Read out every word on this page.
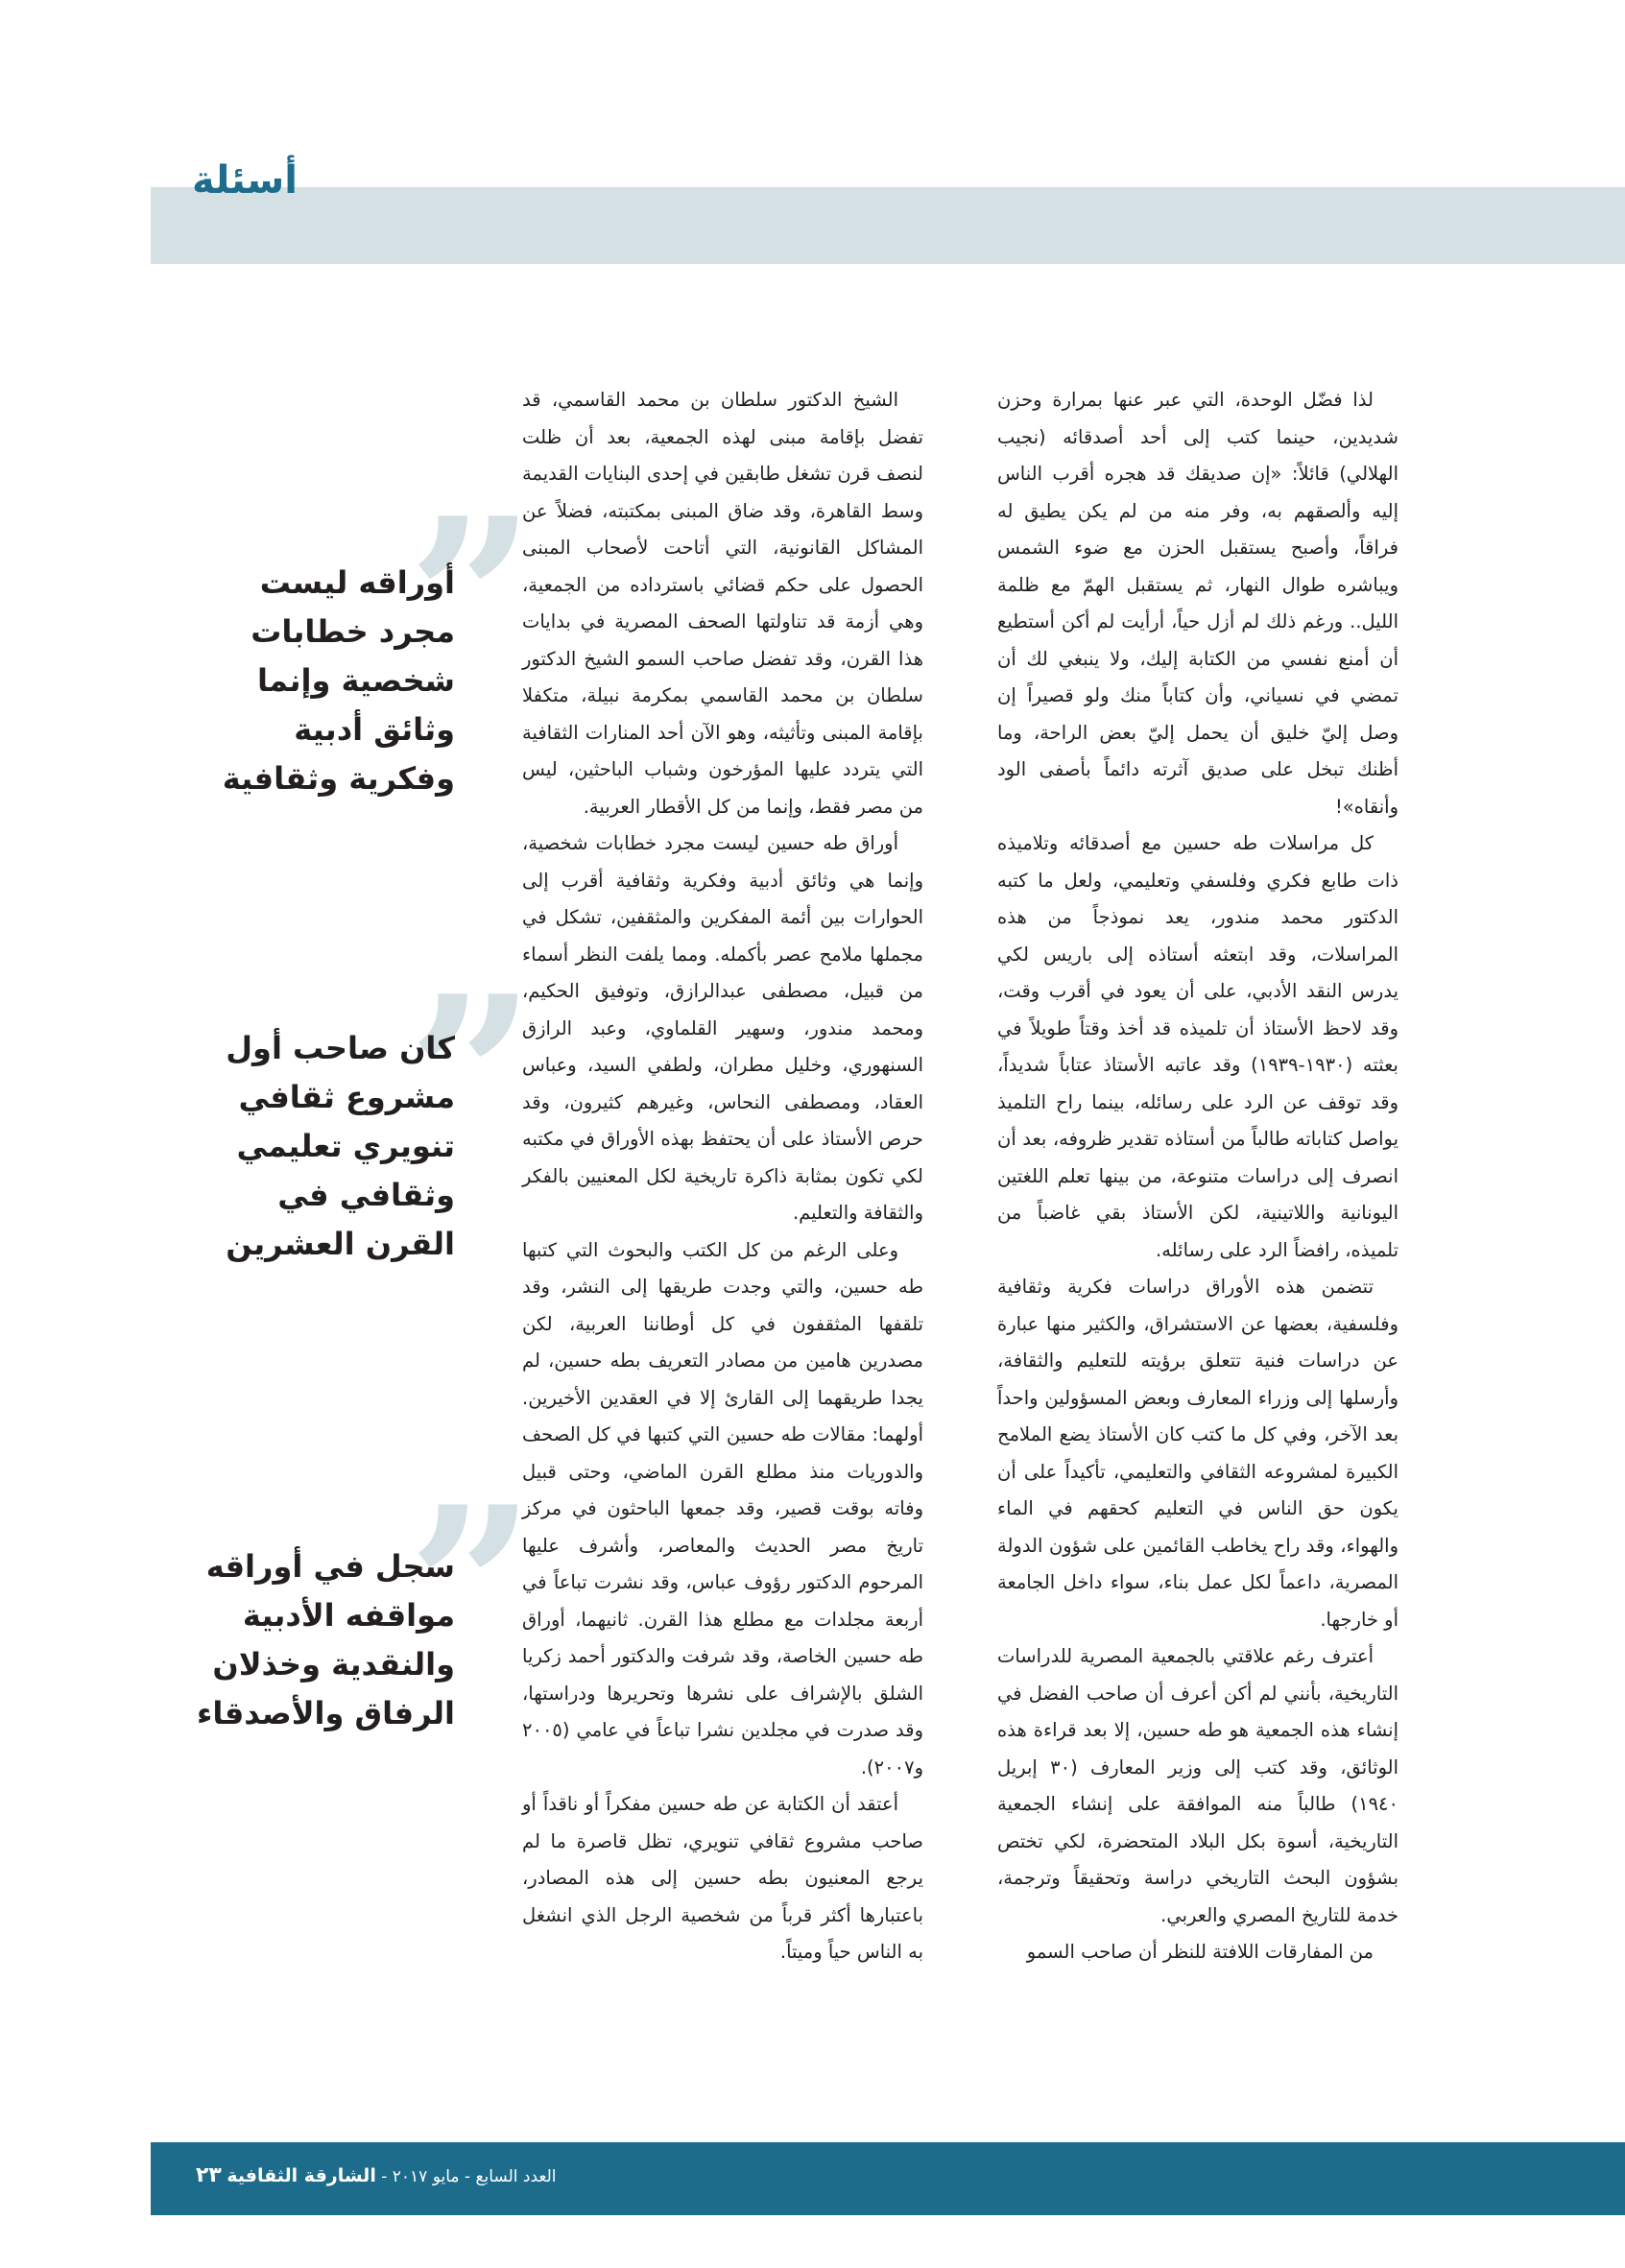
أسئلة

لذا فضّل الوحدة، التي عبر عنها بمرارة وحزن شديدين، حينما كتب إلى أحد أصدقائه (نجيب الهلالي) قائلاً: «إن صديقك قد هجره أقرب الناس إليه وألصقهم به، وفر منه من لم يكن يطيق له فراقاً، وأصبح يستقبل الحزن مع ضوء الشمس ويباشره طوال النهار، ثم يستقبل الهمّ مع ظلمة الليل.. ورغم ذلك لم أزل حياً، أرأيت لم أكن أستطيع أن أمنع نفسي من الكتابة إليك، ولا ينبغي لك أن تمضي في نسياني، وأن كتاباً منك ولو قصيراً إن وصل إليّ خليق أن يحمل إليّ بعض الراحة، وما أظنك تبخل على صديق آثرته دائماً بأصفى الود وأنقاه»!

كل مراسلات طه حسين مع أصدقائه وتلاميذه ذات طابع فكري وفلسفي وتعليمي، ولعل ما كتبه الدكتور محمد مندور، يعد نموذجاً من هذه المراسلات، وقد ابتعثه أستاذه إلى باريس لكي يدرس النقد الأدبي، على أن يعود في أقرب وقت، وقد لاحظ الأستاذ أن تلميذه قد أخذ وقتاً طويلاً في بعثته (١٩٣٠-١٩٣٩) وقد عاتبه الأستاذ عتاباً شديداً، وقد توقف عن الرد على رسائله، بينما راح التلميذ يواصل كتاباته طالباً من أستاذه تقدير ظروفه، بعد أن انصرف إلى دراسات متنوعة، من بينها تعلم اللغتين اليونانية واللاتينية، لكن الأستاذ بقي غاضباً من تلميذه، رافضاً الرد على رسائله.

تتضمن هذه الأوراق دراسات فكرية وثقافية وفلسفية، بعضها عن الاستشراق، والكثير منها عبارة عن دراسات فنية تتعلق برؤيته للتعليم والثقافة، وأرسلها إلى وزراء المعارف وبعض المسؤولين واحداً بعد الآخر، وفي كل ما كتب كان الأستاذ يضع الملامح الكبيرة لمشروعه الثقافي والتعليمي، تأكيداً على أن يكون حق الناس في التعليم كحقهم في الماء والهواء، وقد راح يخاطب القائمين على شؤون الدولة المصرية، داعماً لكل عمل بناء، سواء داخل الجامعة أو خارجها.

أعترف رغم علاقتي بالجمعية المصرية للدراسات التاريخية، بأنني لم أكن أعرف أن صاحب الفضل في إنشاء هذه الجمعية هو طه حسين، إلا بعد قراءة هذه الوثائق، وقد كتب إلى وزير المعارف (٣٠ إبريل ١٩٤٠) طالباً منه الموافقة على إنشاء الجمعية التاريخية، أسوة بكل البلاد المتحضرة، لكي تختص بشؤون البحث التاريخي دراسة وتحقيقاً وترجمة، خدمة للتاريخ المصري والعربي.

من المفارقات اللافتة للنظر أن صاحب السمو

الشيخ الدكتور سلطان بن محمد القاسمي، قد تفضل بإقامة مبنى لهذه الجمعية، بعد أن ظلت لنصف قرن تشغل طابقين في إحدى البنايات القديمة وسط القاهرة، وقد ضاق المبنى بمكتبته، فضلاً عن المشاكل القانونية، التي أتاحت لأصحاب المبنى الحصول على حكم قضائي باسترداده من الجمعية، وهي أزمة قد تناولتها الصحف المصرية في بدايات هذا القرن، وقد تفضل صاحب السمو الشيخ الدكتور سلطان بن محمد القاسمي بمكرمة نبيلة، متكفلا بإقامة المبنى وتأثيثه، وهو الآن أحد المنارات الثقافية التي يتردد عليها المؤرخون وشباب الباحثين، ليس من مصر فقط، وإنما من كل الأقطار العربية.

أوراق طه حسين ليست مجرد خطابات شخصية، وإنما هي وثائق أدبية وفكرية وثقافية أقرب إلى الحوارات بين أئمة المفكرين والمثقفين، تشكل في مجملها ملامح عصر بأكمله. ومما يلفت النظر أسماء من قبيل، مصطفى عبدالرازق، وتوفيق الحكيم، ومحمد مندور، وسهير القلماوي، وعبد الرازق السنهوري، وخليل مطران، ولطفي السيد، وعباس العقاد، ومصطفى النحاس، وغيرهم كثيرون، وقد حرص الأستاذ على أن يحتفظ بهذه الأوراق في مكتبه لكي تكون بمثابة ذاكرة تاريخية لكل المعنيين بالفكر والثقافة والتعليم.

وعلى الرغم من كل الكتب والبحوث التي كتبها طه حسين، والتي وجدت طريقها إلى النشر، وقد تلقفها المثقفون في كل أوطاننا العربية، لكن مصدرين هامين من مصادر التعريف بطه حسين، لم يجدا طريقهما إلى القارئ إلا في العقدين الأخيرين. أولهما: مقالات طه حسين التي كتبها في كل الصحف والدوريات منذ مطلع القرن الماضي، وحتى قبيل وفاته بوقت قصير، وقد جمعها الباحثون في مركز تاريخ مصر الحديث والمعاصر، وأشرف عليها المرحوم الدكتور رؤوف عباس، وقد نشرت تباعاً في أربعة مجلدات مع مطلع هذا القرن. ثانيهما، أوراق طه حسين الخاصة، وقد شرفت والدكتور أحمد زكريا الشلق بالإشراف على نشرها وتحريرها ودراستها، وقد صدرت في مجلدين نشرا تباعاً في عامي (٢٠٠٥ و٢٠٠٧).

أعتقد أن الكتابة عن طه حسين مفكراً أو ناقداً أو صاحب مشروع ثقافي تنويري، تظل قاصرة ما لم يرجع المعنيون بطه حسين إلى هذه المصادر، باعتبارها أكثر قرباً من شخصية الرجل الذي انشغل به الناس حياً وميتاً.

”
أوراقه ليست مجرد خطابات شخصية وإنما وثائق أدبية وفكرية وثقافية
”
كان صاحب أول مشروع ثقافي تنويري تعليمي وثقافي في القرن العشرين
”
سجل في أوراقه مواقفه الأدبية والنقدية وخذلان الرفاق والأصدقاء
العدد السابع - مايو ٢٠١٧ - الشارقة الثقافية ٢٣
